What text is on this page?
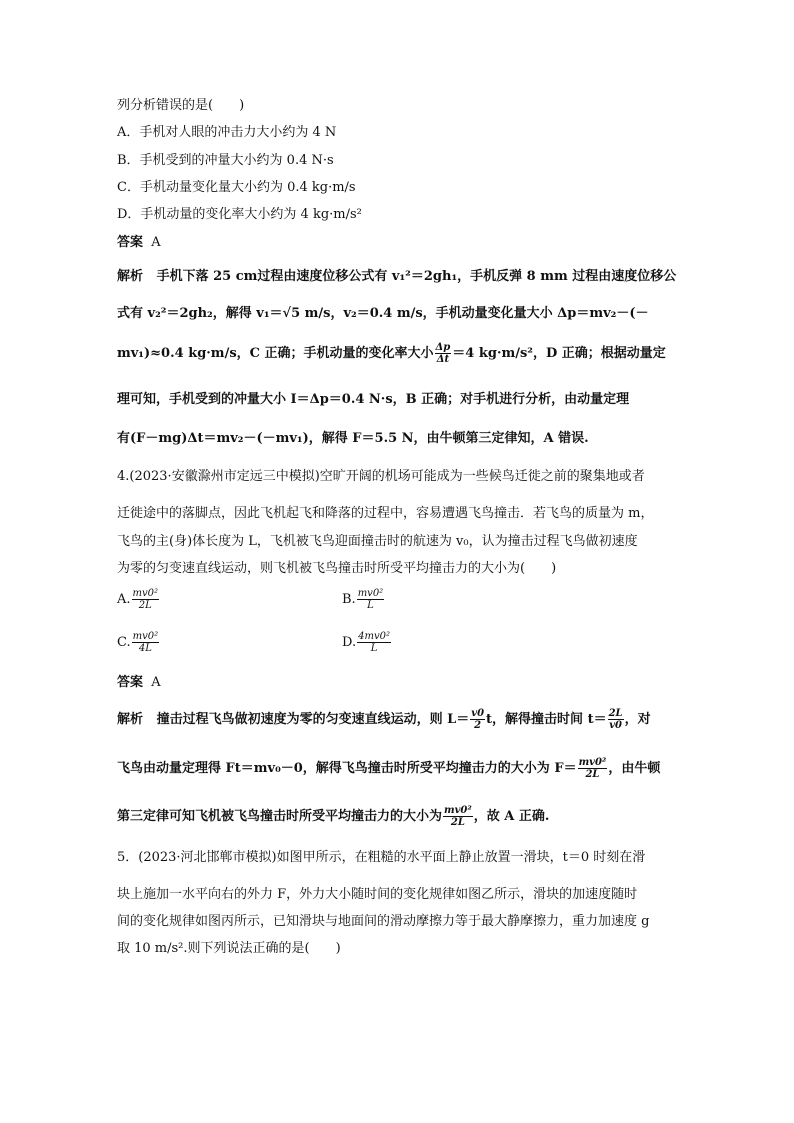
列分析错误的是(　　)
A．手机对人眼的冲击力大小约为 4 N
B．手机受到的冲量大小约为 0.4 N·s
C．手机动量变化量大小约为 0.4 kg·m/s
D．手机动量的变化率大小约为 4 kg·m/s²
答案 A
解析 手机下落 25 cm过程由速度位移公式有 v₁²＝2gh₁，手机反弹 8 mm 过程由速度位移公
式有 v₂²＝2gh₂，解得 v₁＝√5 m/s，v₂＝0.4 m/s，手机动量变化量大小 Δp＝mv₂－(－
mv₁)≈0.4 kg·m/s，C 正确；手机动量的变化率大小 $\frac{\Delta p}{\Delta t} =4$ kg·m/s²，D 正确；根据动量定
理可知，手机受到的冲量大小 I＝Δp＝0.4 N·s，B 正确；对手机进行分析，由动量定理
有(F－mg)Δt＝mv₂－(－mv₁)，解得 F＝5.5 N，由牛顿第三定律知，A 错误.
4.(2023·安徽滁州市定远三中模拟)空旷开阔的机场可能成为一些候鸟迁徙之前的聚集地或者
迁徙途中的落脚点，因此飞机起飞和降落的过程中，容易遭遇飞鸟撞击．若飞鸟的质量为 m，
飞鸟的主(身)体长度为 L，飞机被飞鸟迎面撞击时的航速为 v₀，认为撞击过程飞鸟做初速度
为零的匀变速直线运动，则飞机被飞鸟撞击时所受平均撞击力的大小为(　　)
A. $\frac{\text{mv0²}}{2L}$	B. $\frac{\text{mv0²}}{L}$
C. $\frac{\text{mv0²}}{4L}$	D. $\frac{\text{4mv0²}}{L}$
答案 A
解析 撞击过程飞鸟做初速度为零的匀变速直线运动，则 $L= \frac{v0}{2}$ t，解得撞击时间 $t= \frac{2L}{v0}$ ，对
飞鸟由动量定理得 Ft＝mv₀－0，解得飞鸟撞击时所受平均撞击力的大小为 $F= \frac{\text{mv0²}}{2L}$ ，由牛顿
第三定律可知飞机被飞鸟撞击时所受平均撞击力的大小为 $\frac{\text{mv0²}}{2L}$ ，故 A 正确.
5．(2023·河北邯郸市模拟)如图甲所示，在粗糙的水平面上静止放置一滑块，t＝0 时刻在滑
块上施加一水平向右的外力 F，外力大小随时间的变化规律如图乙所示，滑块的加速度随时
间的变化规律如图丙所示，已知滑块与地面间的滑动摩擦力等于最大静摩擦力，重力加速度 g
取 10 m/s².则下列说法正确的是(　　)
